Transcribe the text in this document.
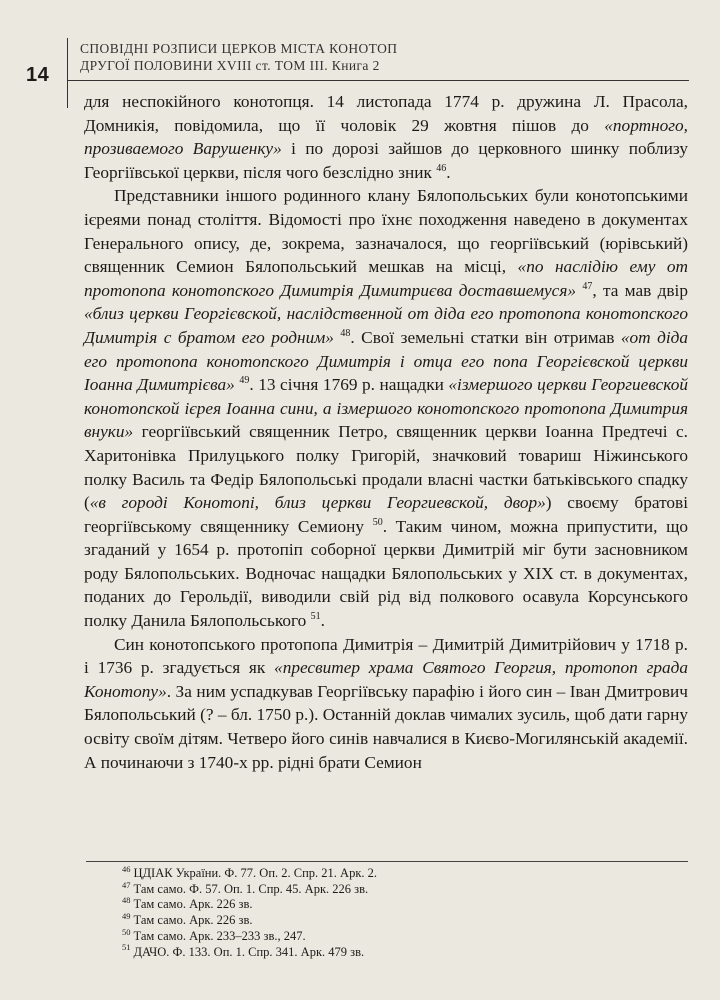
14
СПОВІДНІ РОЗПИСИ ЦЕРКОВ МІСТА КОНОТОП
ДРУГОЇ ПОЛОВИНИ XVIII ст. ТОМ ІІІ. Книга 2

для неспокійного конотопця. 14 листопада 1774 р. дружина Л. Прасола, Домникія, повідомила, що її чоловік 29 жовтня пішов до «портного, прозиваемого Варушенку» і по дорозі зайшов до церковного шинку поблизу Георгіївської церкви, після чого безслідно зник $^{46}$.

Представники іншого родинного клану Бялопольських були конотопськими ієреями понад століття. Відомості про їхнє походження наведено в документах Генерального опису, де, зокрема, зазначалося, що георгіївський (юрівський) священник Семион Бялопольський мешкав на місці, «по наслідію ему от протопопа конотопского Димитрія Димитриєва доставшемуся» $^{47}$, та мав двір «близ церкви Георгієвской, наслідственной от діда его протопопа конотопского Димитрія с братом его родним» $^{48}$. Свої земельні статки він отримав «от діда его протопопа конотопского Димитрія і отца его попа Георгієвской церкви Іоанна Димитрієва» $^{49}$. 13 січня 1769 р. нащадки «ізмершого церкви Георгиевской конотопской ієрея Іоанна сини, а ізмершого конотопского протопопа Димитрия внуки» георгіївський священник Петро, священник церкви Іоанна Предтечі с. Харитонівка Прилуцького полку Григорій, значковий товариш Ніжинського полку Василь та Федір Бялопольські продали власні частки батьківського спадку («в городі Конотопі, близ церкви Георгиевской, двор») своєму братові георгіївському священнику Семиону $^{50}$. Таким чином, можна припустити, що згаданий у 1654 р. протопіп соборної церкви Димитрій міг бути засновником роду Бялопольських. Водночас нащадки Бялопольських у XIX ст. в документах, поданих до Герольдії, виводили свій рід від полкового осавула Корсунського полку Данила Бялопольського $^{51}$.

Син конотопського протопопа Димитрія – Димитрій Димитрійович у 1718 р. і 1736 р. згадується як «пресвитер храма Святого Георгия, протопоп града Конотопу». За ним успадкував Георгіївську парафію і його син – Іван Дмитрович Бялопольський (? – бл. 1750 р.). Останній доклав чималих зусиль, щоб дати гарну освіту своїм дітям. Четверо його синів навчалися в Києво-Могилянській академії. А починаючи з 1740-х рр. рідні брати Семион

$^{46}$ ЦДІАК України. Ф. 77. Оп. 2. Спр. 21. Арк. 2.
$^{47}$ Там само. Ф. 57. Оп. 1. Спр. 45. Арк. 226 зв.
$^{48}$ Там само. Арк. 226 зв.
$^{49}$ Там само. Арк. 226 зв.
$^{50}$ Там само. Арк. 233–233 зв., 247.
$^{51}$ ДАЧО. Ф. 133. Оп. 1. Спр. 341. Арк. 479 зв.
